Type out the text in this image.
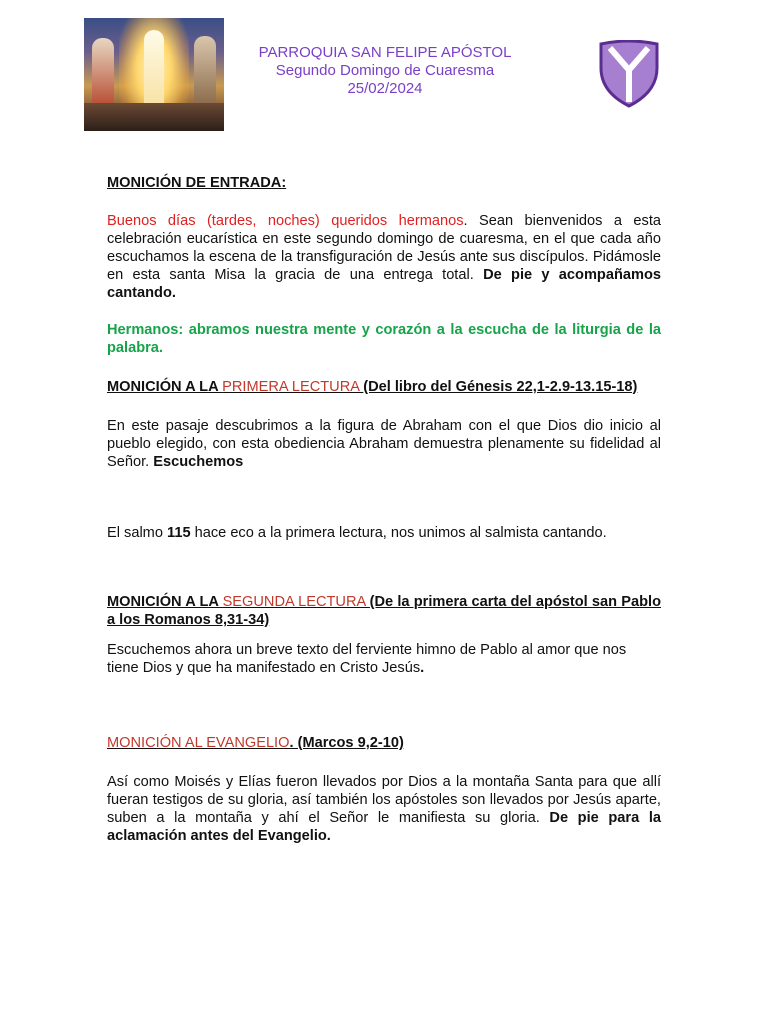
PARROQUIA SAN FELIPE APÓSTOL
Segundo Domingo de Cuaresma
25/02/2024
MONICIÓN DE ENTRADA:
Buenos días (tardes, noches) queridos hermanos. Sean bienvenidos a esta celebración eucarística en este segundo domingo de cuaresma, en el que cada año escuchamos la escena de la transfiguración de Jesús ante sus discípulos. Pidámosle en esta santa Misa la gracia de una entrega total. De pie y acompañamos cantando.
Hermanos: abramos nuestra mente y corazón a la escucha de la liturgia de la palabra.
MONICIÓN A LA PRIMERA LECTURA (Del libro del Génesis 22,1-2.9-13.15-18)
En este pasaje descubrimos a la figura de Abraham con el que Dios dio inicio al pueblo elegido, con esta obediencia Abraham demuestra plenamente su fidelidad al Señor. Escuchemos
El salmo 115 hace eco a la primera lectura, nos unimos al salmista cantando.
MONICIÓN A LA SEGUNDA LECTURA (De la primera carta del apóstol san Pablo a los Romanos 8,31-34)
Escuchemos ahora un breve texto del ferviente himno de Pablo al amor que nos tiene Dios y que ha manifestado en Cristo Jesús.
MONICIÓN AL EVANGELIO. (Marcos 9,2-10)
Así como Moisés y Elías fueron llevados por Dios a la montaña Santa para que allí fueran testigos de su gloria, así también los apóstoles son llevados por Jesús aparte, suben a la montaña y ahí el Señor le manifiesta su gloria. De pie para la aclamación antes del Evangelio.
